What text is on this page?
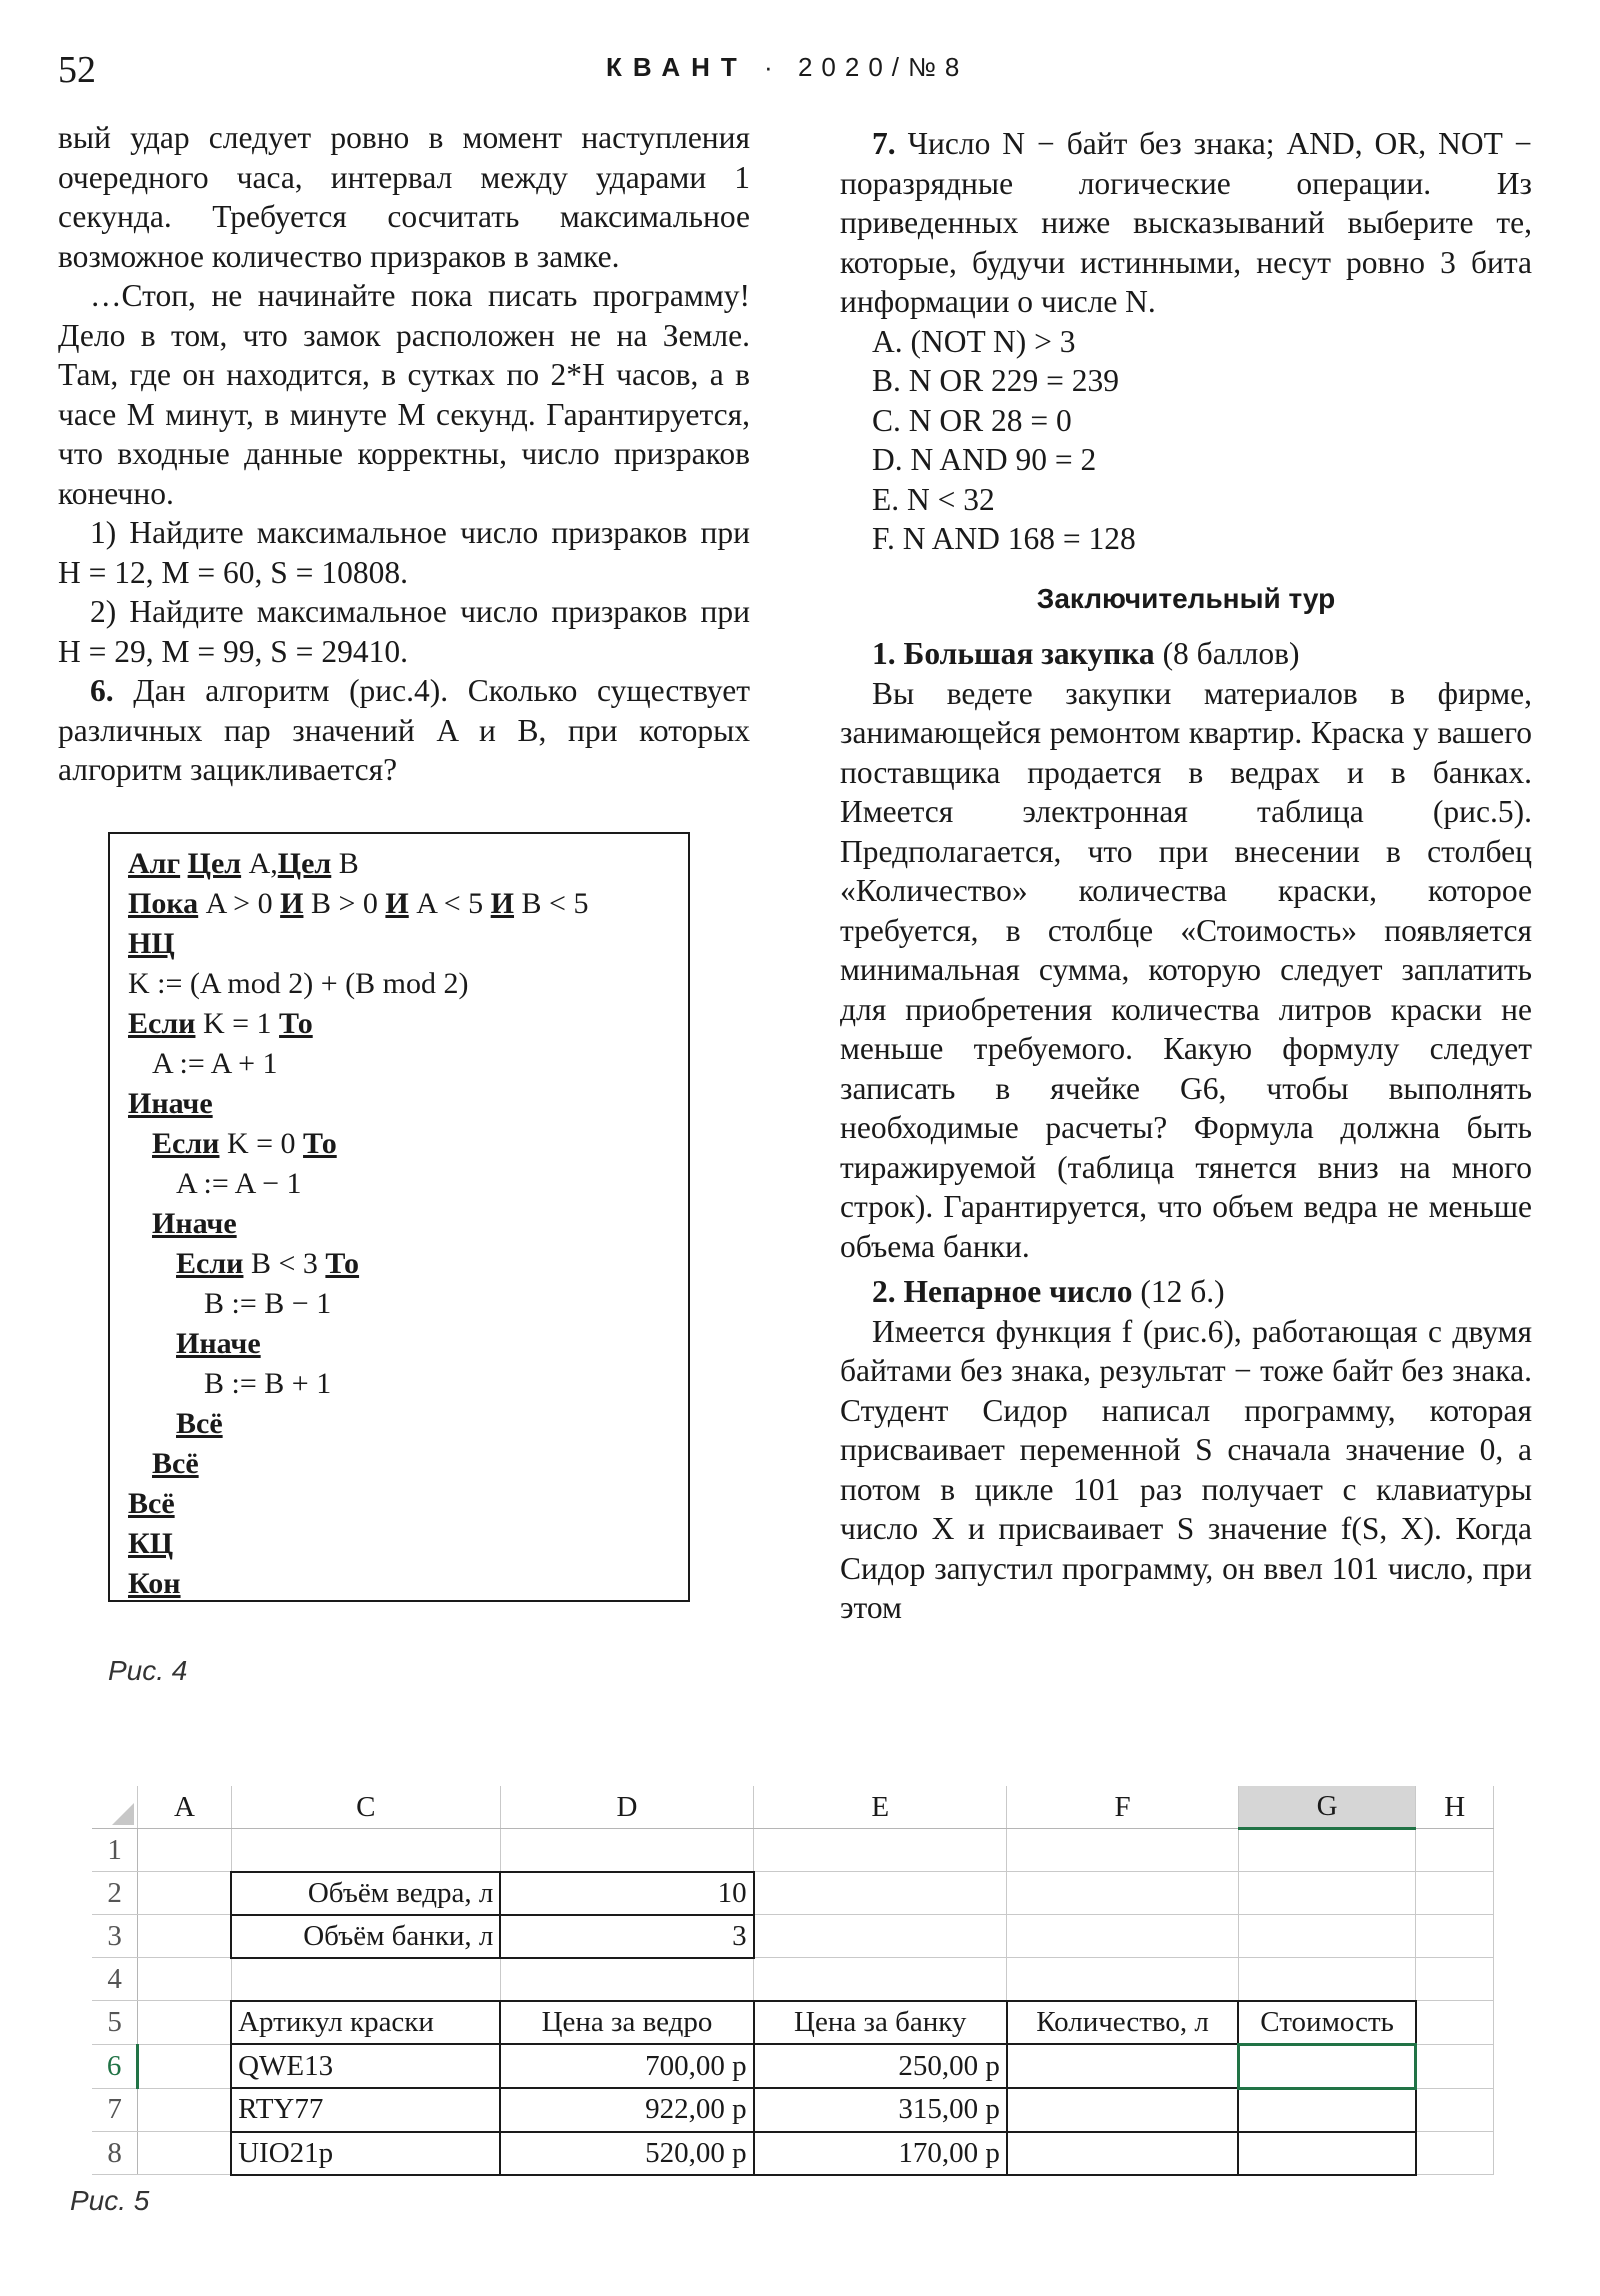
52	КВАНТ · 2020/№8

вый удар следует ровно в момент наступления очередного часа, интервал между ударами 1 секунда. Требуется сосчитать максимальное возможное количество призраков в замке.

…Стоп, не начинайте пока писать программу! Дело в том, что замок расположен не на Земле. Там, где он находится, в сутках по 2*H часов, а в часе M минут, в минуте M секунд. Гарантируется, что входные данные корректны, число призраков конечно.

1) Найдите максимальное число призраков при H = 12, M = 60, S = 10808.

2) Найдите максимальное число призраков при H = 29, M = 99, S = 29410.

6. Дан алгоритм (рис.4). Сколько существует различных пар значений A и B, при которых алгоритм зацикливается?

Алг Цел A,Цел B
Пока A > 0 И B > 0 И A < 5 И B < 5
НЦ
K := (A mod 2) + (B mod 2)
Если K = 1 То
A := A + 1
Иначе
Если K = 0 То
A := A − 1
Иначе
Если B < 3 То
B := B − 1
Иначе
B := B + 1
Всё
Всё
Всё
КЦ
Кон
Рис. 4

7. Число N − байт без знака; AND, OR, NOT − поразрядные логические операции. Из приведенных ниже высказываний выберите те, которые, будучи истинными, несут ровно 3 бита информации о числе N.

A. (NOT N) > 3

B. N OR 229 = 239

C. N OR 28 = 0

D. N AND 90 = 2

E. N < 32

F. N AND 168 = 128

Заключительный тур

1. Большая закупка (8 баллов)

Вы ведете закупки материалов в фирме, занимающейся ремонтом квартир. Краска у вашего поставщика продается в ведрах и в банках. Имеется электронная таблица (рис.5). Предполагается, что при внесении в столбец «Количество» количества краски, которое требуется, в столбце «Стоимость» появляется минимальная сумма, которую следует заплатить для приобретения количества литров краски не меньше требуемого. Какую формулу следует записать в ячейке G6, чтобы выполнять необходимые расчеты? Формула должна быть тиражируемой (таблица тянется вниз на много строк). Гарантируется, что объем ведра не меньше объема банки.

2. Непарное число (12 б.)

Имеется функция f (рис.6), работающая с двумя байтами без знака, результат − тоже байт без знака. Студент Сидор написал программу, которая присваивает переменной S сначала значение 0, а потом в цикле 101 раз получает с клавиатуры число X и присваивает S значение f(S, X). Когда Сидор запустил программу, он ввел 101 число, при этом

	A	C	D	E	F	G	H
1							
2		Объём ведра, л	10				
3		Объём банки, л	3				
4							
5		Артикул краски	Цена за ведро	Цена за банку	Количество, л	Стоимость	
6		QWE13	700,00 р	250,00 р			
7		RTY77	922,00 р	315,00 р			
8		UIO21p	520,00 р	170,00 р			
Рис. 5
